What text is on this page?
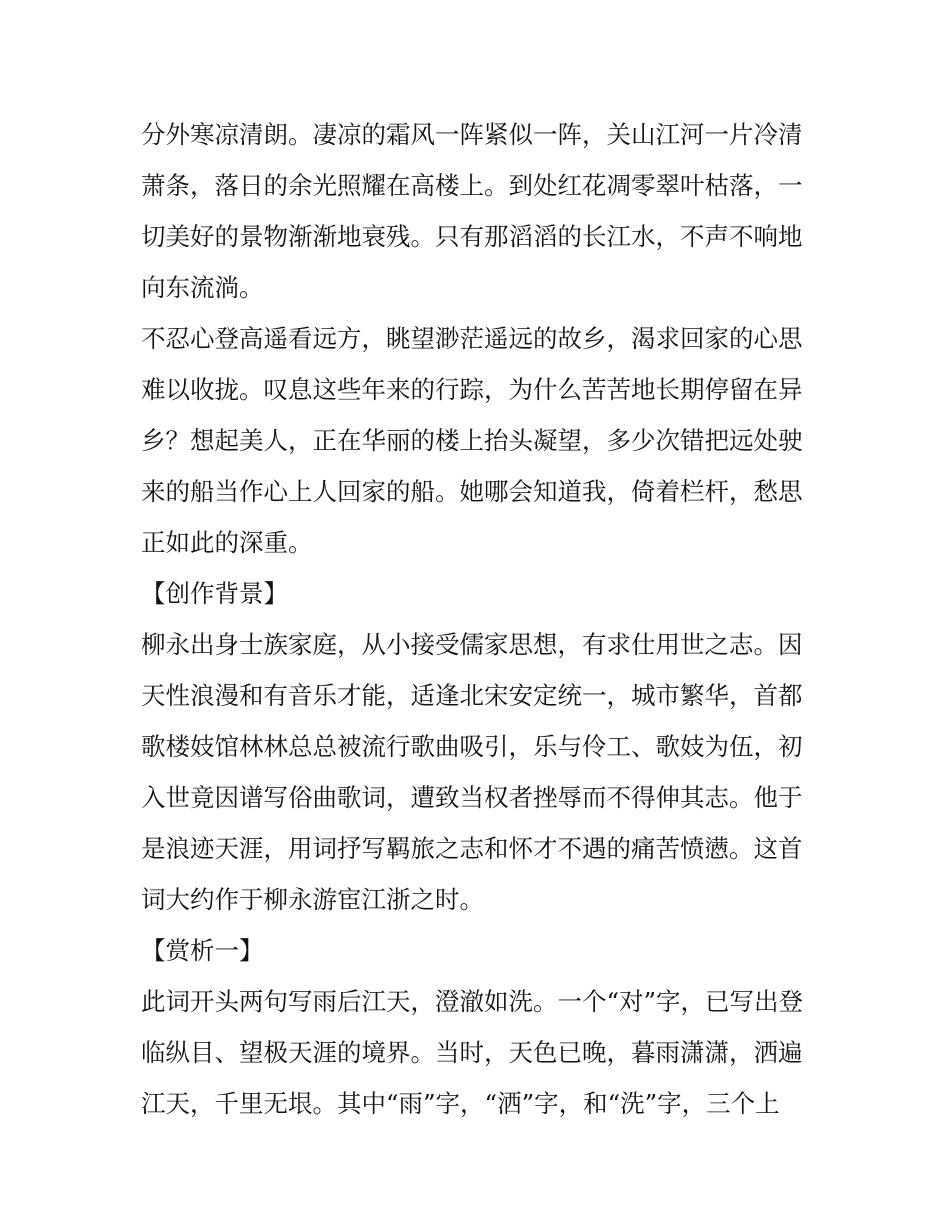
分外寒凉清朗。凄凉的霜风一阵紧似一阵，关山江河一片冷清
萧条，落日的余光照耀在高楼上。到处红花凋零翠叶枯落，一
切美好的景物渐渐地衰残。只有那滔滔的长江水，不声不响地
向东流淌。
不忍心登高遥看远方，眺望渺茫遥远的故乡，渴求回家的心思
难以收拢。叹息这些年来的行踪，为什么苦苦地长期停留在异
乡？想起美人，正在华丽的楼上抬头凝望，多少次错把远处驶
来的船当作心上人回家的船。她哪会知道我，倚着栏杆，愁思
正如此的深重。
【创作背景】
柳永出身士族家庭，从小接受儒家思想，有求仕用世之志。因
天性浪漫和有音乐才能，适逢北宋安定统一，城市繁华，首都
歌楼妓馆林林总总被流行歌曲吸引，乐与伶工、歌妓为伍，初
入世竟因谱写俗曲歌词，遭致当权者挫辱而不得伸其志。他于
是浪迹天涯，用词抒写羁旅之志和怀才不遇的痛苦愤懑。这首
词大约作于柳永游宦江浙之时。
【赏析一】
此词开头两句写雨后江天，澄澈如洗。一个“对”字，已写出登
临纵目、望极天涯的境界。当时，天色已晚，暮雨潇潇，洒遍
江天，千里无垠。其中“雨”字，“洒”字，和“洗”字，三个上
